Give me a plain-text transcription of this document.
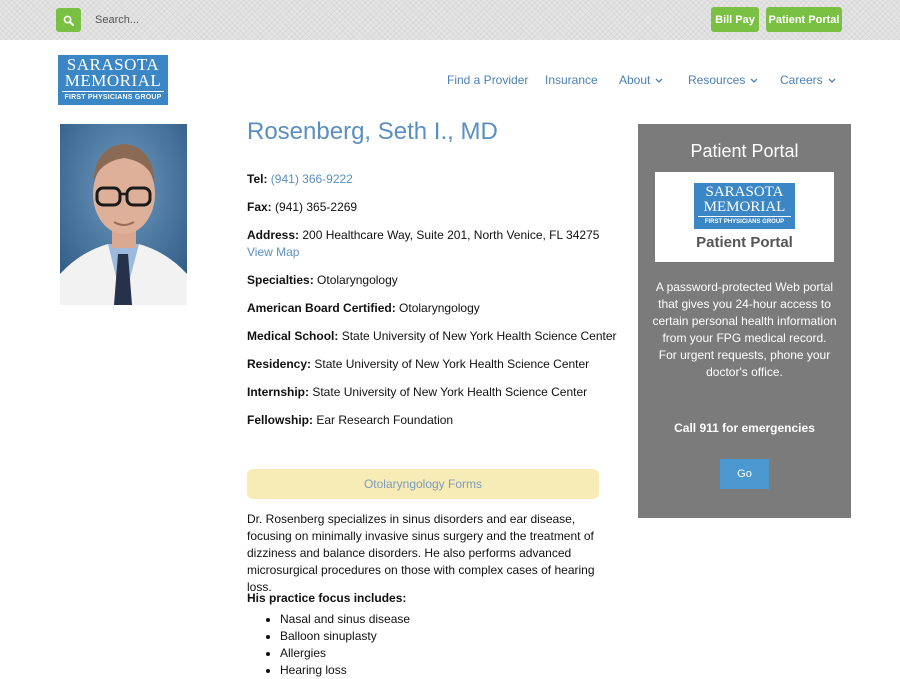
Search...	Bill Pay	Patient Portal
SARASOTA
MEMORIAL
FIRST PHYSICIANS GROUP
Find a Provider Insurance About	Resources	Careers
Rosenberg, Seth I., MD
Tel: (941) 366-9222
Fax: (941) 365-2269
Address: 200 Healthcare Way, Suite 201, North Venice, FL 34275
View Map
Specialties: Otolaryngology
American Board Certified: Otolaryngology
Medical School: State University of New York Health Science Center
Residency: State University of New York Health Science Center
Internship: State University of New York Health Science Center
Fellowship: Ear Research Foundation
Otolaryngology Forms
Dr. Rosenberg specializes in sinus disorders and ear disease, focusing on minimally invasive sinus surgery and the treatment of dizziness and balance disorders. He also performs advanced microsurgical procedures on those with complex cases of hearing loss.
His practice focus includes:
• Nasal and sinus disease
• Balloon sinuplasty
• Allergies
• Hearing loss
Patient Portal
SARASOTA
MEMORIAL
FIRST PHYSICIANS GROUP
Patient Portal
A password-protected Web portal that gives you 24-hour access to certain personal health information from your FPG medical record. For urgent requests, phone your doctor's office.
Call 911 for emergencies
Go
